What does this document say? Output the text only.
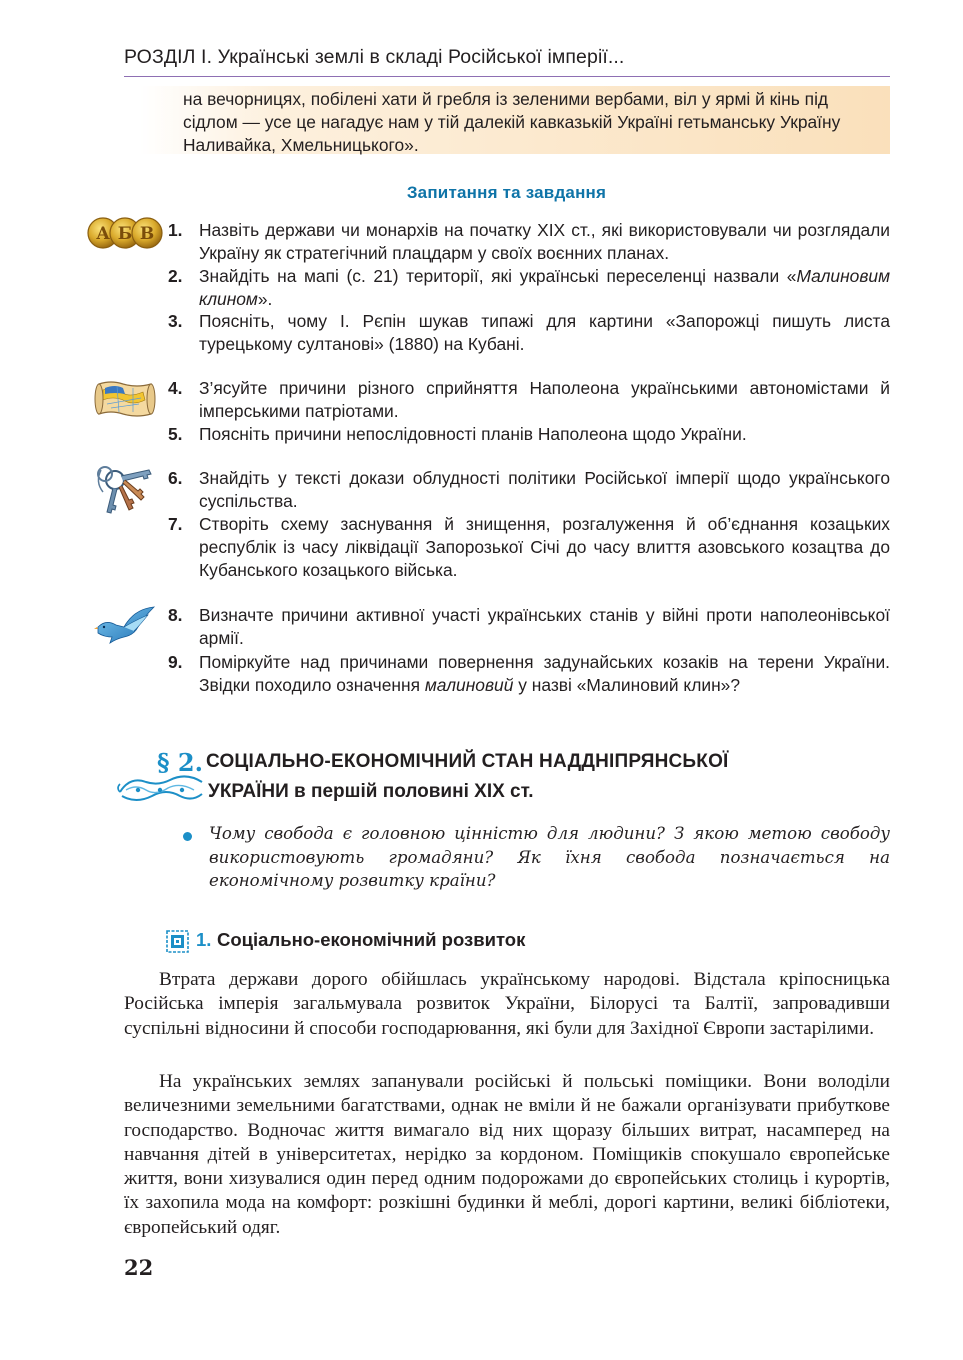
РОЗДІЛ І. Українські землі в складі Російської імперії...
на вечорницях, побілені хати й гребля із зеленими вербами, віл у ярмі й кінь під сідлом — усе це нагадує нам у тій далекій кавказькій Україні гетьманську Україну Наливайка, Хмельницького».
Запитання та завдання
А Б В 1. Назвіть держави чи монархів на початку ХІХ ст., які використовували чи розглядали Україну як стратегічний плацдарм у своїх воєнних планах.
2. Знайдіть на мапі (с. 21) території, які українські переселенці назвали «Малиновим клином».
3. Поясніть, чому І. Рєпін шукав типажі для картини «Запорожці пишуть листа турецькому султанові» (1880) на Кубані.
4. З’ясуйте причини різного сприйняття Наполеона українськими автономістами й імперськими патріотами.
5. Поясніть причини непослідовності планів Наполеона щодо України.
6. Знайдіть у тексті докази облудності політики Російської імперії щодо українського суспільства.
7. Створіть схему заснування й знищення, розгалуження й об’єднання козацьких республік із часу ліквідації Запорозької Січі до часу влиття азовського козацтва до Кубанського козацького війська.
8. Визначте причини активної участі українських станів у війні проти наполеонівської армії.
9. Поміркуйте над причинами повернення задунайських козаків на терени України. Звідки походило означення малиновий у назві «Малиновий клин»?
§ 2. СОЦІАЛЬНО-ЕКОНОМІЧНИЙ СТАН НАДДНІПРЯНСЬКОЇ
УКРАЇНИ в першій половині ХІХ ст.
Чому свобода є головною цінністю для людини? З якою метою свободу використовують громадяни? Як їхня свобода позначається на економічному розвитку країни?
1. Соціально-економічний розвиток
Втрата держави дорого обійшлась українському народові. Відстала кріпосницька Російська імперія загальмувала розвиток України, Білорусі та Балтії, запровадивши суспільні відносини й способи господарювання, які були для Західної Європи застарілими.
На українських землях запанували російські й польські поміщики. Вони володіли величезними земельними багатствами, однак не вміли й не бажали організувати прибуткове господарство. Водночас життя вимагало від них щоразу більших витрат, насамперед на навчання дітей в університетах, нерідко за кордоном. Поміщиків спокушало європейське життя, вони хизувалися один перед одним подорожами до європейських столиць і курортів, їх захопила мода на комфорт: розкішні будинки й меблі, дорогі картини, великі бібліотеки, європейський одяг.
22
